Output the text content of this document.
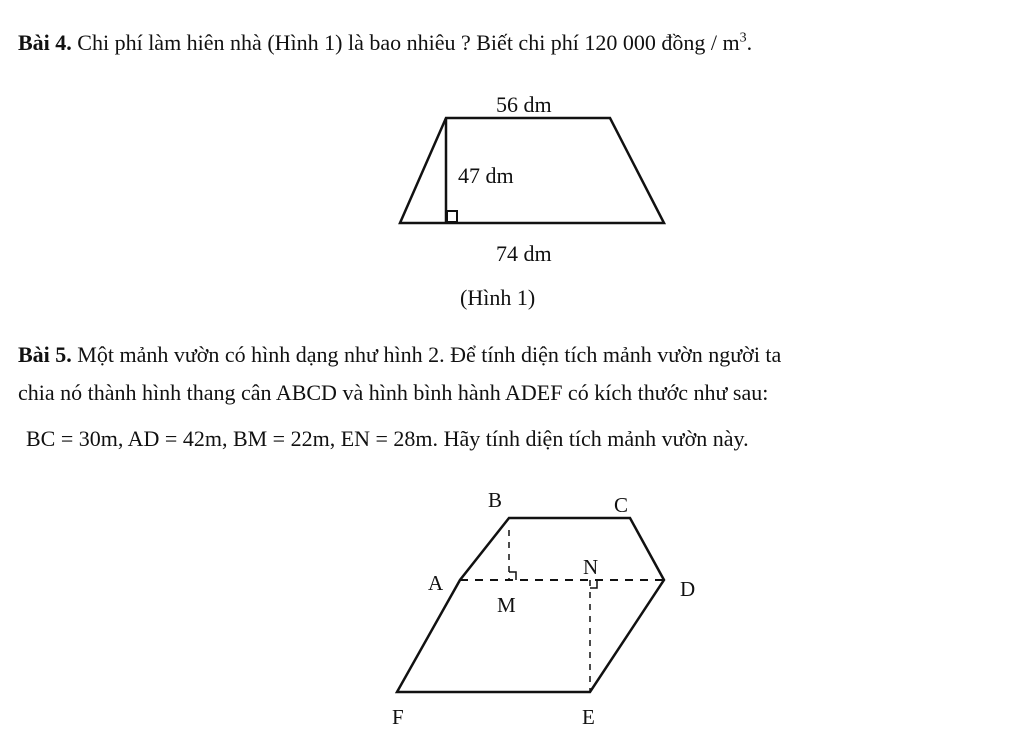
Bài 4. Chi phí làm hiên nhà (Hình 1) là bao nhiêu ? Biết chi phí 120 000 đồng / $m^3$.
56 dm
47 dm
74 dm
(Hình 1)
Bài 5. Một mảnh vườn có hình dạng như hình 2. Để tính diện tích mảnh vườn người ta
chia nó thành hình thang cân ABCD và hình bình hành ADEF có kích thước như sau:
BC = 30m, AD = 42m, BM = 22m, EN = 28m. Hãy tính diện tích mảnh vườn này.
B	C
A
M
N
D
F	E
